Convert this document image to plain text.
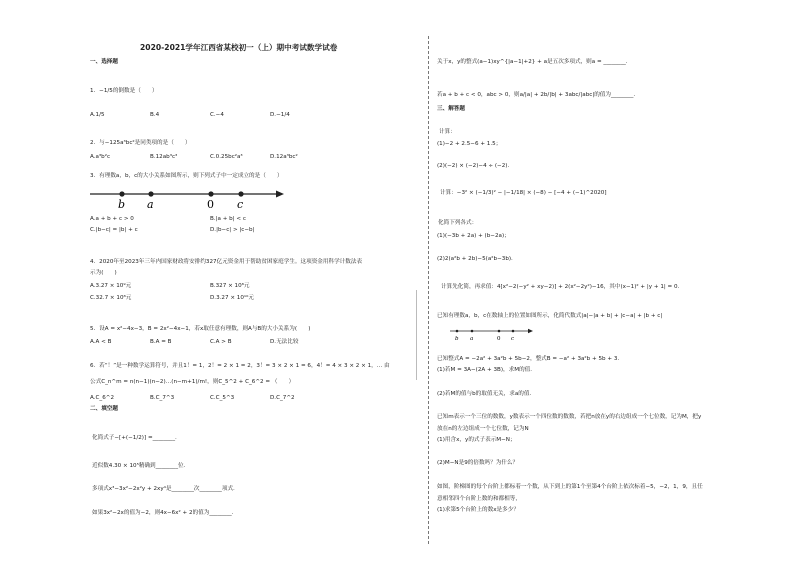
2020-2021学年江西省某校初一（上）期中考试数学试卷
一、选择题
1．−1/5的倒数是（　　）
A.1/5	B.4	C.−4	D.−1/4
2．与−125a³bc²是同类项的是（　　）
A.a³b²c	B.12ab³c³	C.0.25bc²a³	D.12a³bc²
3．有理数a，b，c的大小关系如图所示，则下列式子中一定成立的是（　　）
b a	0 c
A.a + b + c > 0	B.|a + b| < c
C.|b−c| = |b| + c	D.|b−c| > |c−b|
4．2020年至2023年三年内国家财政将安排约327亿元资金用于帮助贫困家庭学生。这项资金用科学计数法表
示为(　　)
A.3.27 × 10⁹元	B.327 × 10⁸元
C.32.7 × 10⁸元	D.3.27 × 10¹⁰元
5．设A = x²−4x−3，B = 2x²−4x−1，若x取任意有理数，则A与B的大小关系为(　　)
A.A < B	B.A = B	C.A > B	D.无法比较
6．若“！”是一种数学运算符号，并且1！= 1，2！= 2 × 1 = 2，3！= 3 × 2 × 1 = 6，4！= 4 × 3 × 2 × 1，… 由
公式C_n^m = n(n−1)(n−2)…(n−m+1)/m!，则C_5^2 + C_6^2 = （　　）
A.C_6^2	B.C_7^3	C.C_5^3	D.C_7^2
二、填空题
化简式子−[+(−1/2)] =________.
近似数4.30 × 10⁵精确到________位.
多项式x³−3x²−2x²y + 2xy⁴是________次________项式.
如果3x²−2x的值为−2，则4x−6x² + 2的值为________.
关于x，y的整式(a−1)xy^{|a−1|+2} + a是五次多项式，则a = ________.
若a + b + c < 0，abc > 0，则a/|a| + 2b/|b| + 3abc/|abc|的值为________.
三、解答题
计算：
(1)−2 + 2.5−6 + 1.5；
(2)(−2) × (−2)−4 ÷ (−2).
计算：−3² × (−1/3)² − |−1/18| × (−8) − [−4 + (−1)^2020]
化简下列各式：
(1)(−3b + 2a) + (b−2a)；
(2)2(a²b + 2b)−5(a²b−3b).
计算先化简，再求值：4[x²−2(−y² + xy−2)] + 2(x²−2y²)−16，其中(x−1)² + |y + 1| = 0.
已知有理数a，b，c在数轴上的位置如图所示，化简代数式|a|−|a + b| + |c−a| + |b + c|
b a	0 c
已知整式A = −2a² + 3a²b + 5b−2，整式B = −a² + 3a²b + 5b + 3.
(1)若M = 3A−(2A + 3B)，求M的值.
(2)若M的值与b的取值无关，求a的值.
已知m表示一个三位的数数，y数表示一个四位数的数数，若把n放在y的右边组成一个七位数，记为M，把y
放在n的左边组成一个七位数，记为N
(1)用含x，y的式子表示M−N；
(2)M−N是9的倍数吗？为什么？
如图，阶梯图的每个台阶上都标着一个数，从下到上的第1个至第4个台阶上依次标着−5，−2，1，9，且任
意相邻四个台阶上数的和都相等，
(1)求第5个台阶上的数x是多少？
